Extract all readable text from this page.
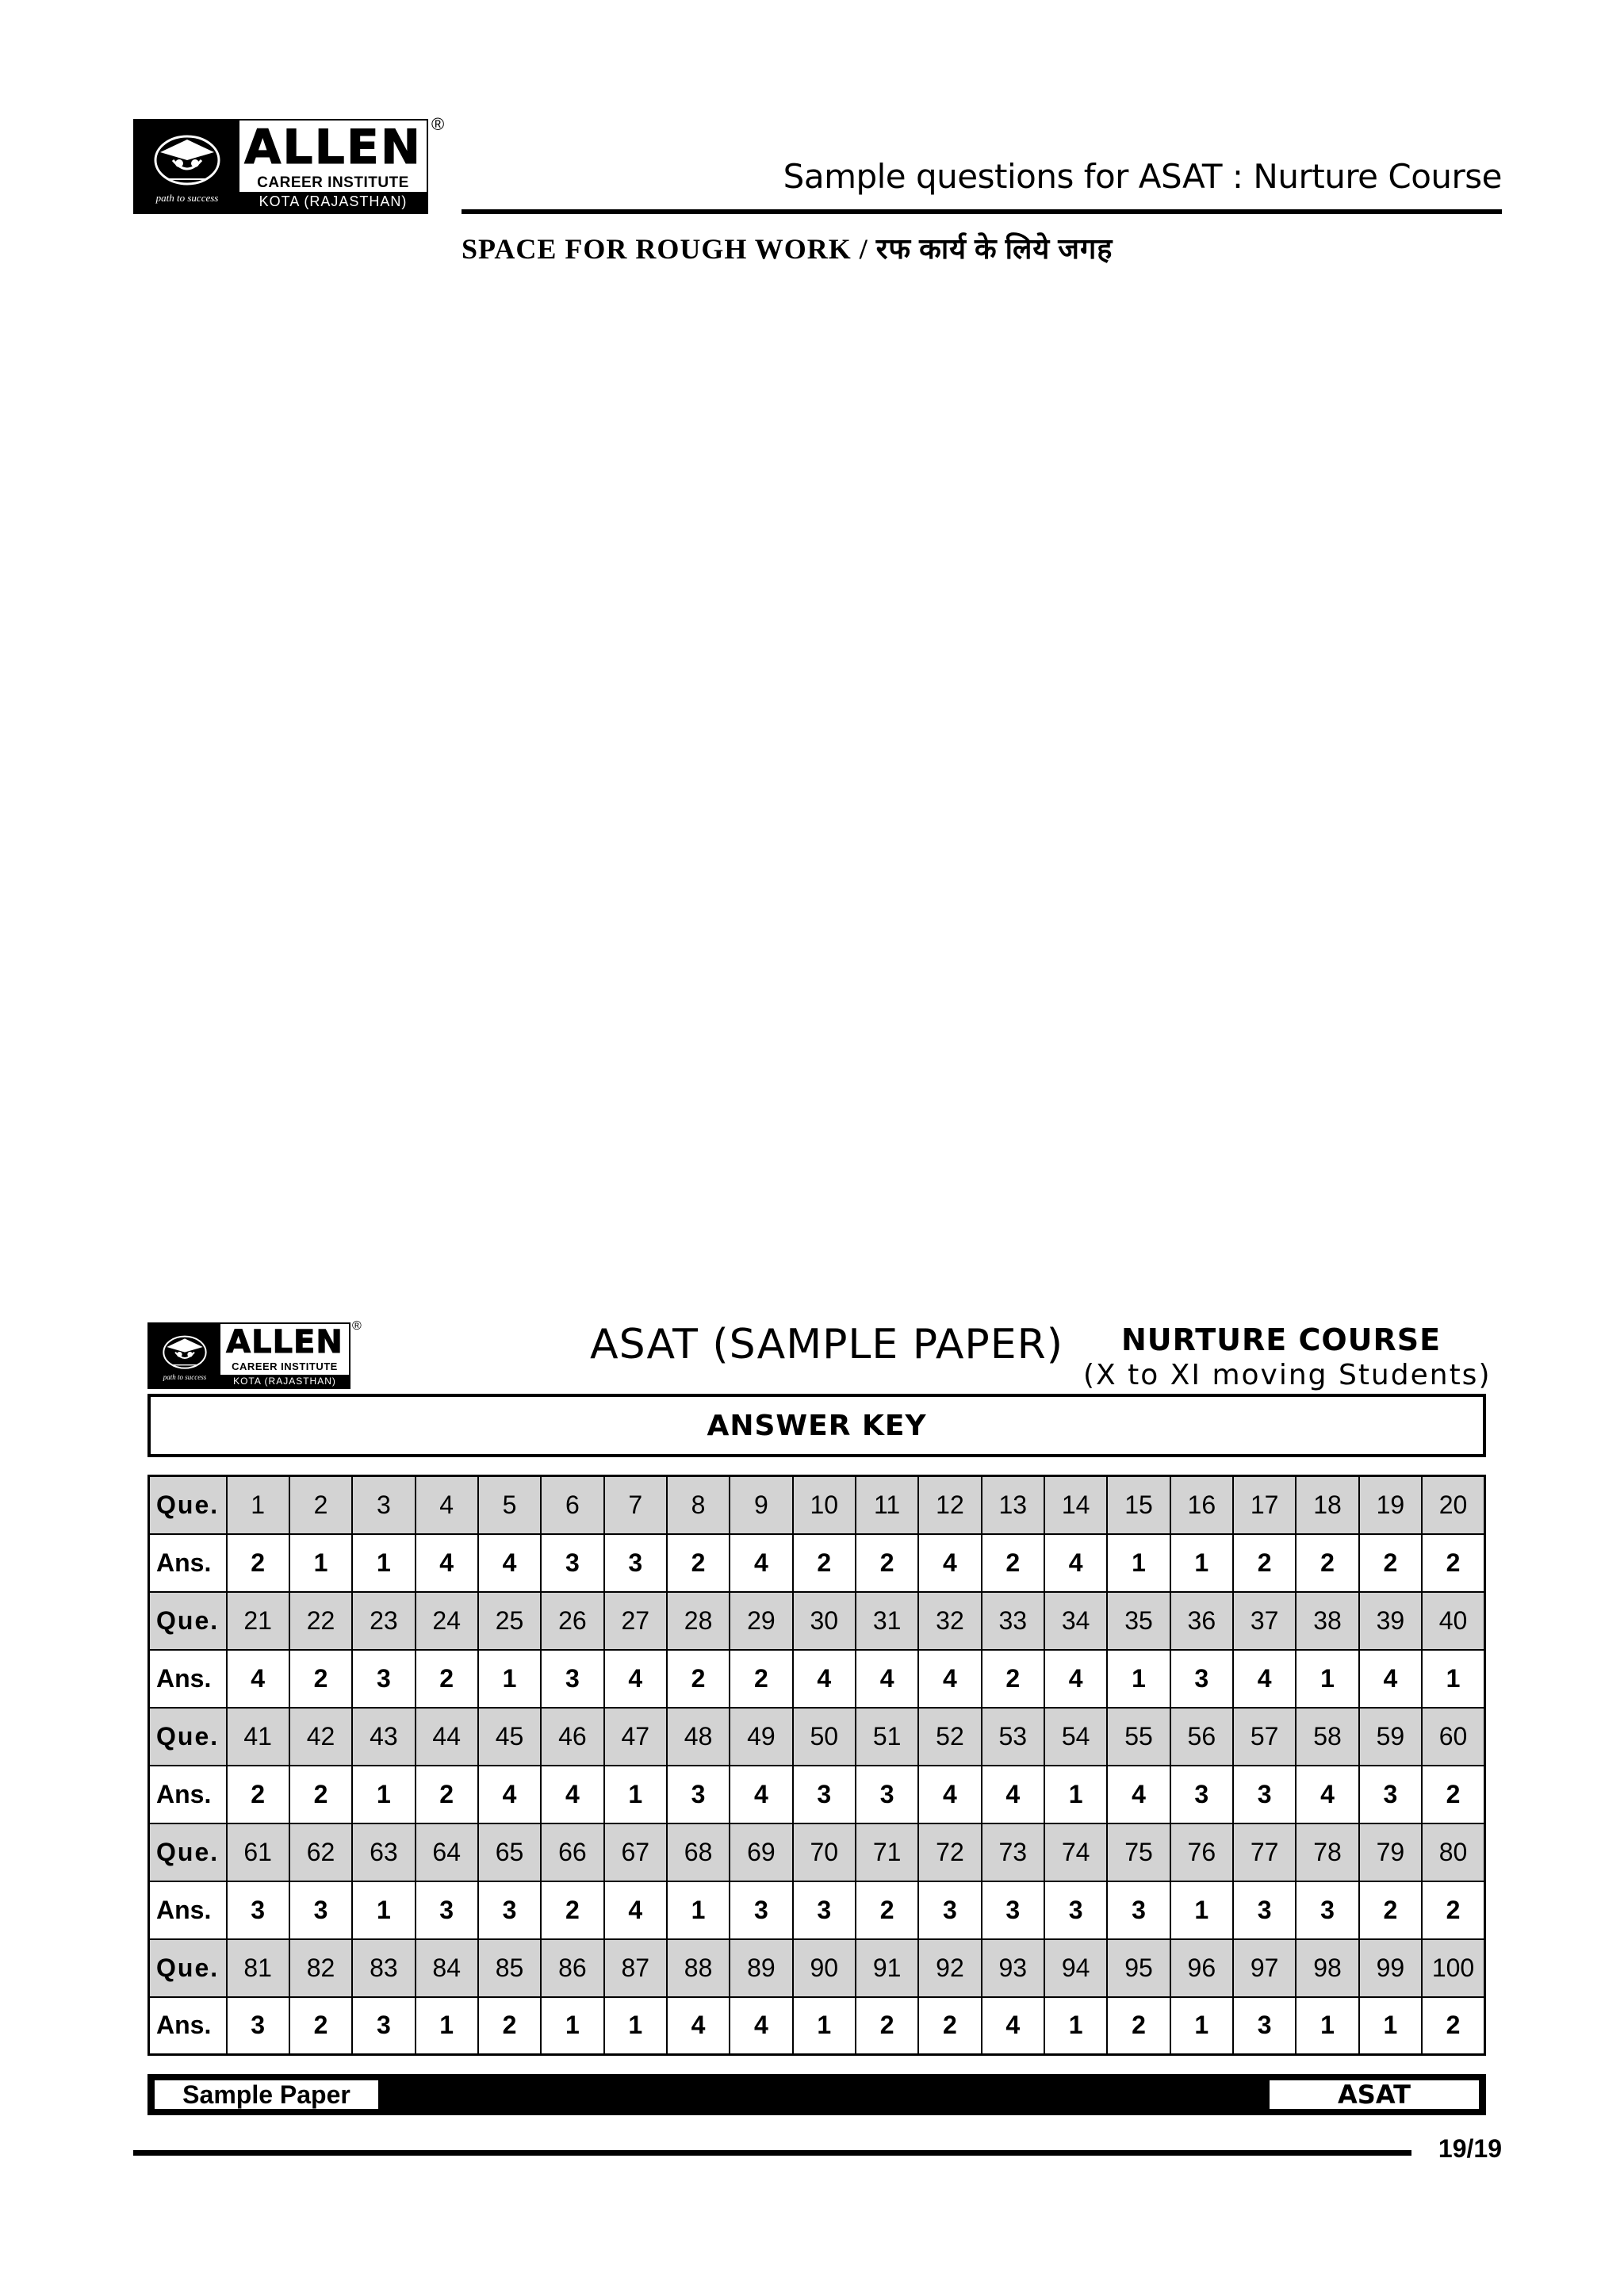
path to success
ALLEN
CAREER INSTITUTE
KOTA (RAJASTHAN)
®
Sample questions for ASAT : Nurture Course
SPACE FOR ROUGH WORK / रफ कार्य के लिये जगह
path to success
ALLEN
CAREER INSTITUTE
KOTA (RAJASTHAN)
®	ASAT (SAMPLE PAPER) NURTURE COURSE
(X to XI moving Students)
ANSWER KEY
Que.	1	2	3	4	5	6	7	8	9	10	11	12	13	14	15	16	17	18	19	20
Ans.	2	1	1	4	4	3	3	2	4	2	2	4	2	4	1	1	2	2	2	2
Que.	21	22	23	24	25	26	27	28	29	30	31	32	33	34	35	36	37	38	39	40
Ans.	4	2	3	2	1	3	4	2	2	4	4	4	2	4	1	3	4	1	4	1
Que.	41	42	43	44	45	46	47	48	49	50	51	52	53	54	55	56	57	58	59	60
Ans.	2	2	1	2	4	4	1	3	4	3	3	4	4	1	4	3	3	4	3	2
Que.	61	62	63	64	65	66	67	68	69	70	71	72	73	74	75	76	77	78	79	80
Ans.	3	3	1	3	3	2	4	1	3	3	2	3	3	3	3	1	3	3	2	2
Que.	81	82	83	84	85	86	87	88	89	90	91	92	93	94	95	96	97	98	99	100
Ans.	3	2	3	1	2	1	1	4	4	1	2	2	4	1	2	1	3	1	1	2
Sample Paper	ASAT
19/19
